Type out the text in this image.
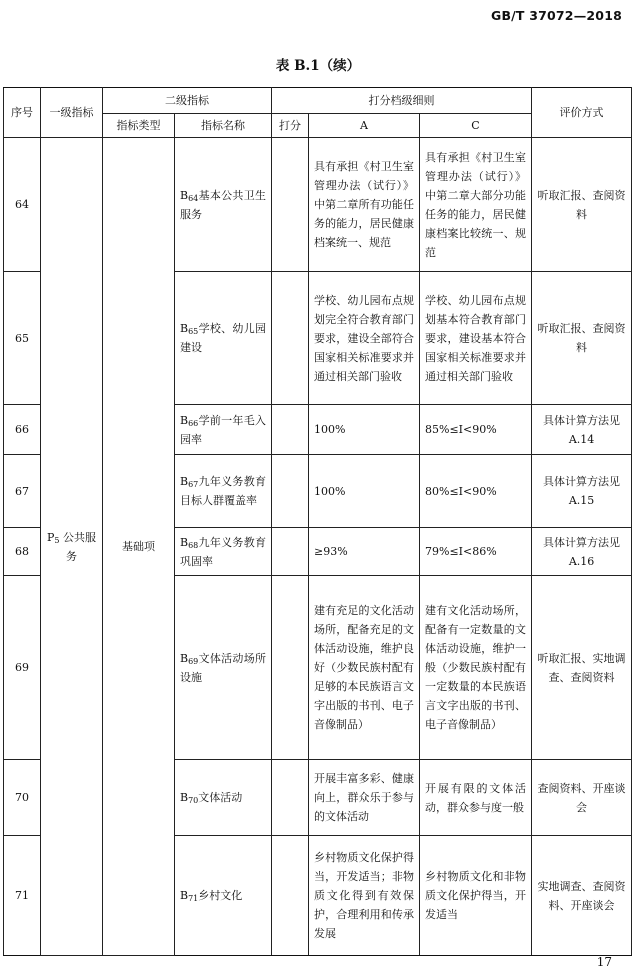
GB/T 37072—2018
表 B.1（续）
序号	一级指标	二级指标		打分档级细则			评价方式
		指标类型	指标名称	打分	A	C	
64	$P_5$ 公共服务	基础项	$B_{64}$基本公共卫生服务		具有承担《村卫生室管理办法（试行）》中第二章所有功能任务的能力，居民健康档案统一、规范	具有承担《村卫生室管理办法（试行）》中第二章大部分功能任务的能力，居民健康档案比较统一、规范	听取汇报、查阅资料
65			$B_{65}$学校、幼儿园建设		学校、幼儿园布点规划完全符合教育部门要求，建设全部符合国家相关标准要求并通过相关部门验收	学校、幼儿园布点规划基本符合教育部门要求，建设基本符合国家相关标准要求并通过相关部门验收	听取汇报、查阅资料
66			$B_{66}$学前一年毛入园率		100%	85%≤I<90%	具体计算方法见 A.14
67			$B_{67}$九年义务教育目标人群覆盖率		100%	80%≤I<90%	具体计算方法见 A.15
68			$B_{68}$九年义务教育巩固率		≥93%	79%≤I<86%	具体计算方法见 A.16
69			$B_{69}$文体活动场所设施		建有充足的文化活动场所，配备充足的文体活动设施，维护良好（少数民族村配有足够的本民族语言文字出版的书刊、电子音像制品）	建有文化活动场所，配备有一定数量的文体活动设施，维护一般（少数民族村配有一定数量的本民族语言文字出版的书刊、电子音像制品）	听取汇报、实地调查、查阅资料
70			$B_{70}$文体活动		开展丰富多彩、健康向上，群众乐于参与的文体活动	开展有限的文体活动，群众参与度一般	查阅资料、开座谈会
71			$B_{71}$乡村文化		乡村物质文化保护得当，开发适当；非物质文化得到有效保护，合理利用和传承发展	乡村物质文化和非物质文化保护得当，开发适当	实地调查、查阅资料、开座谈会
17
